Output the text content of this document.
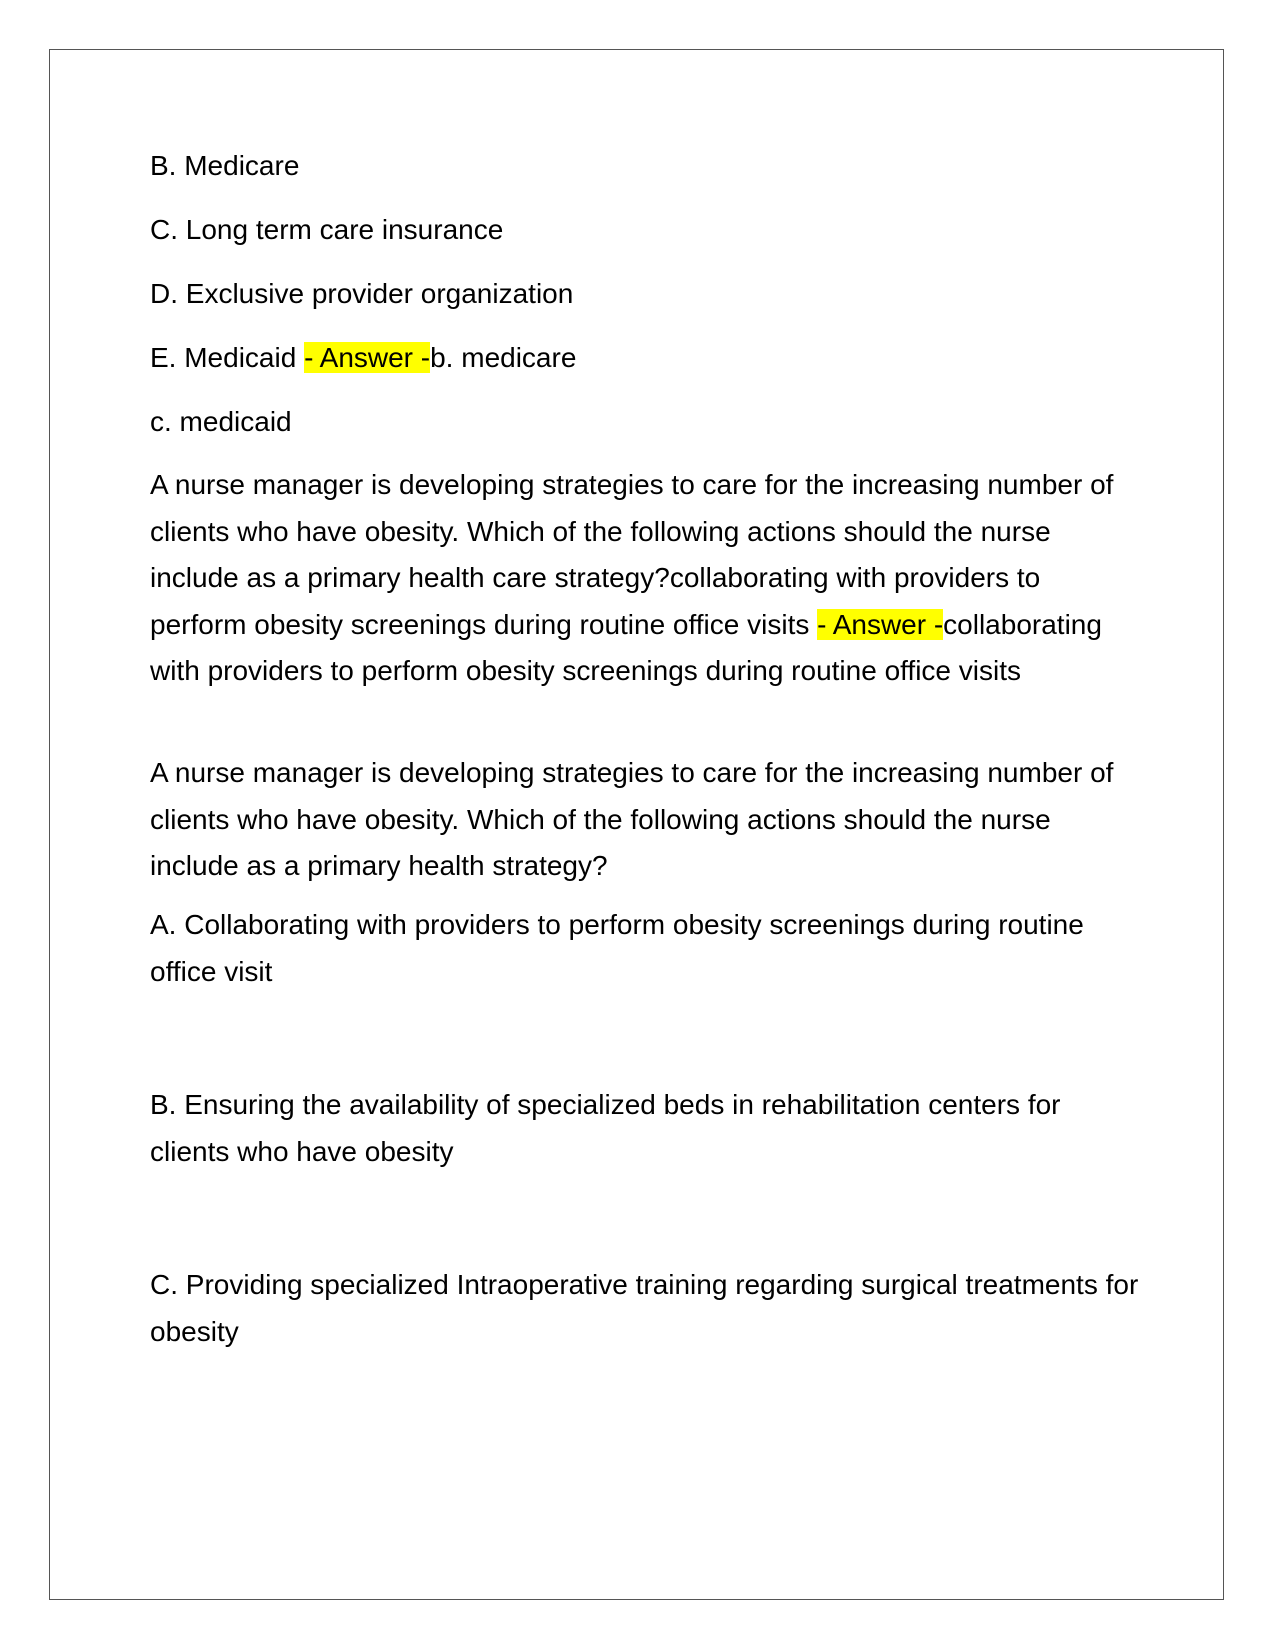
B. Medicare

C. Long term care insurance

D. Exclusive provider organization

E. Medicaid - Answer -b. medicare

c. medicaid

A nurse manager is developing strategies to care for the increasing number of clients who have obesity. Which of the following actions should the nurse include as a primary health care strategy?collaborating with providers to perform obesity screenings during routine office visits - Answer -collaborating with providers to perform obesity screenings during routine office visits

A nurse manager is developing strategies to care for the increasing number of clients who have obesity. Which of the following actions should the nurse include as a primary health strategy?

A. Collaborating with providers to perform obesity screenings during routine office visit

B. Ensuring the availability of specialized beds in rehabilitation centers for clients who have obesity

C. Providing specialized Intraoperative training regarding surgical treatments for obesity
